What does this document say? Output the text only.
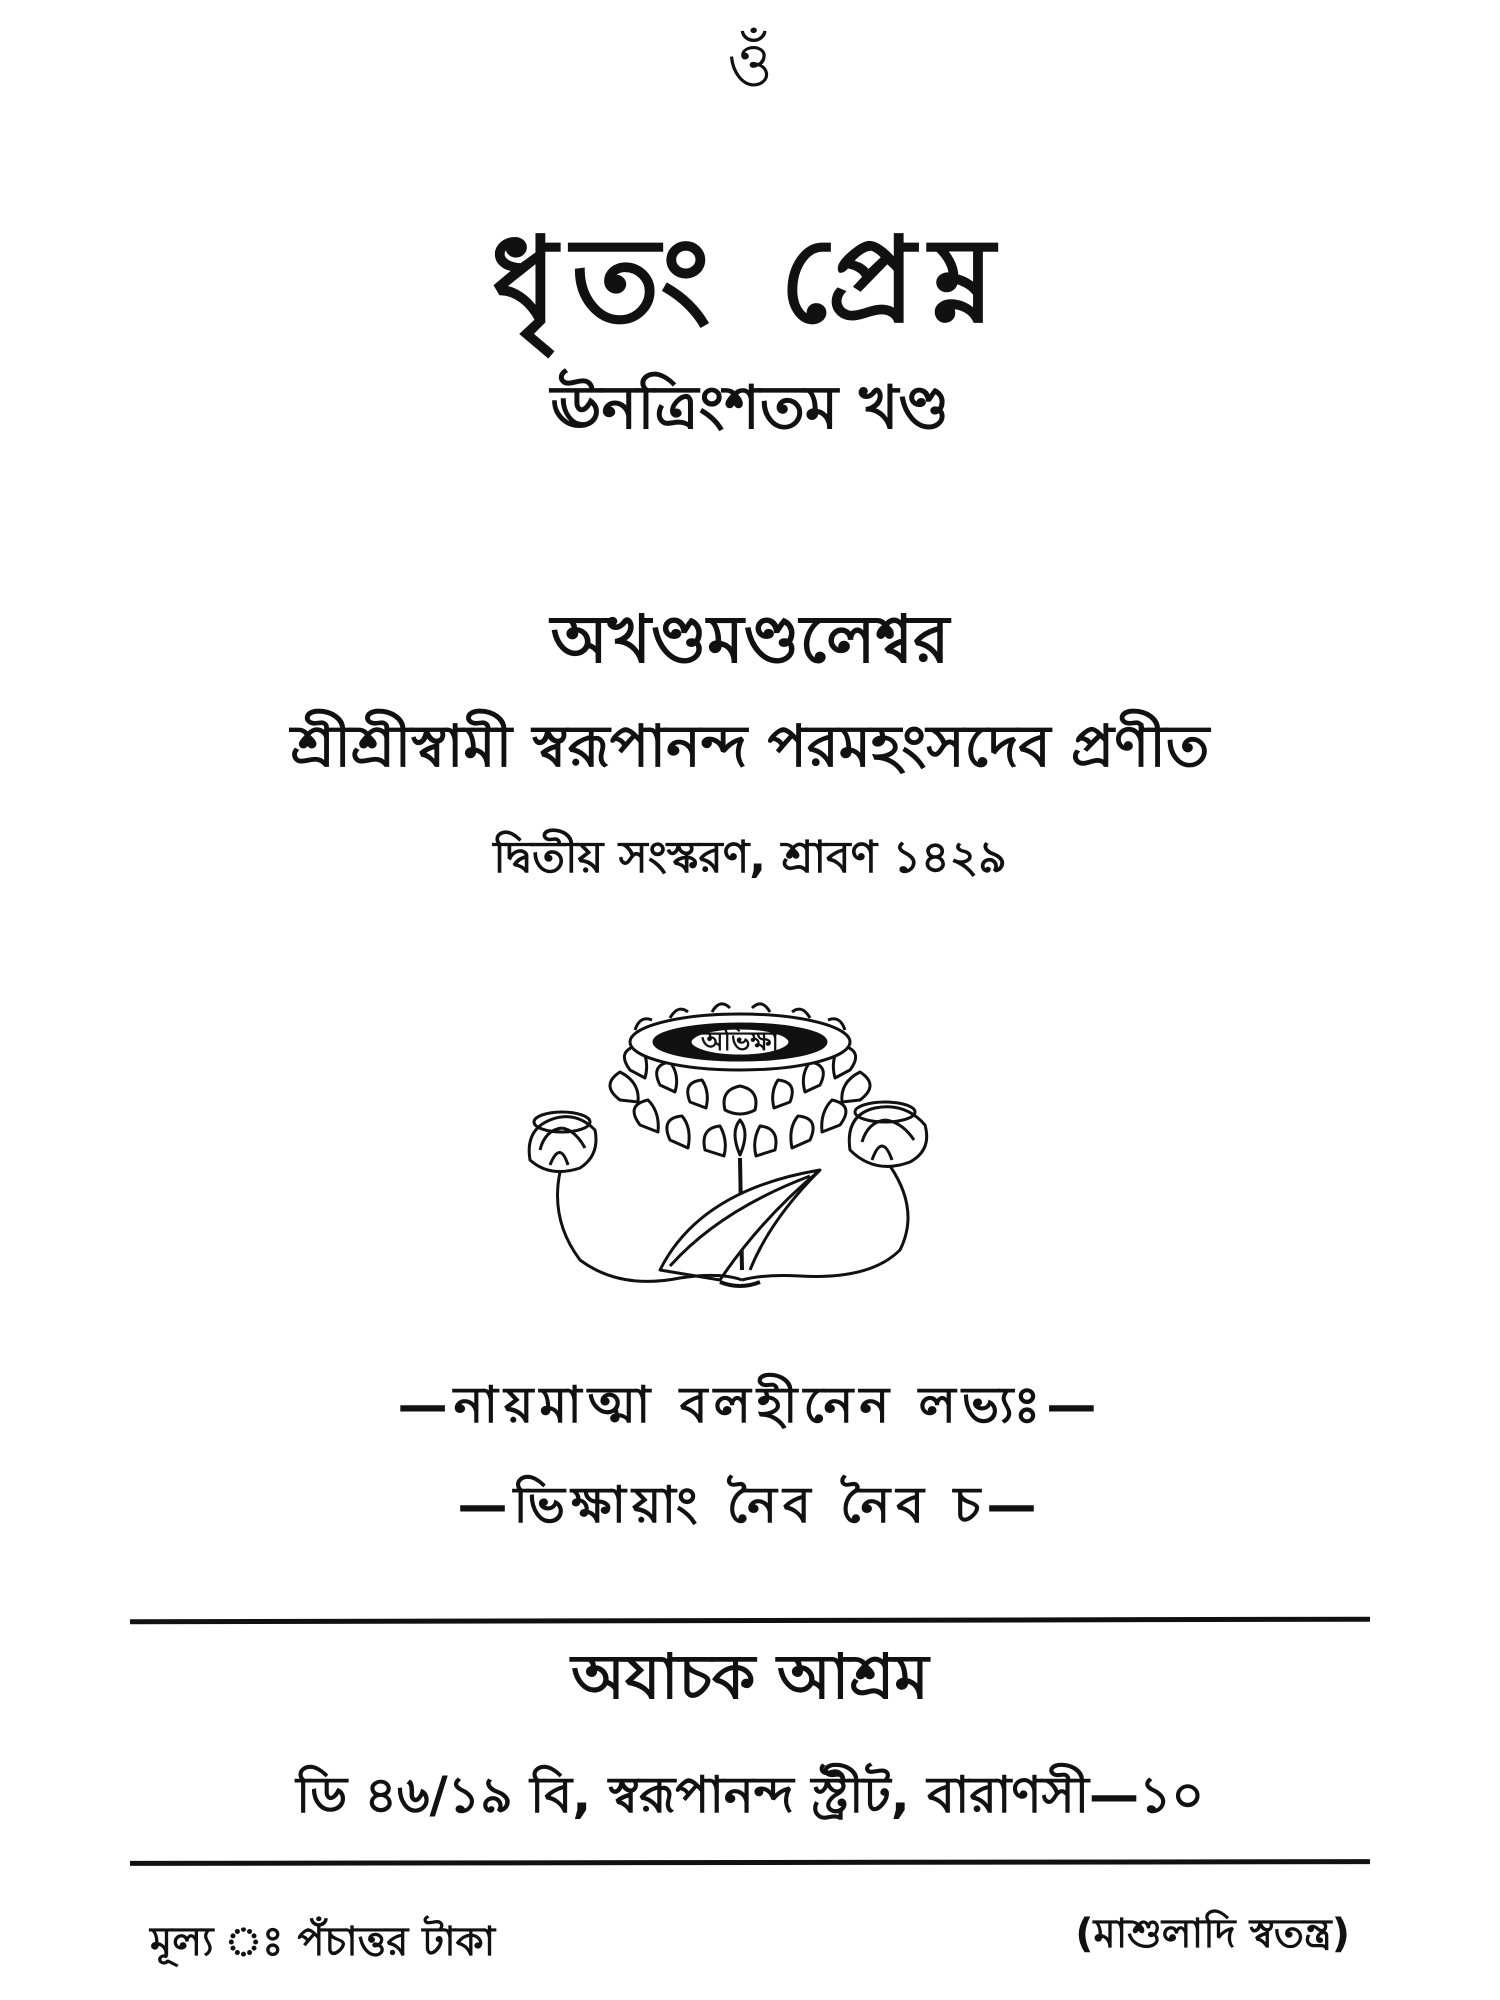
ওঁ
ধৃতং প্রেম্ন
ঊনত্রিংশতম খণ্ড
অখণ্ডমণ্ডলেশ্বর
শ্রীশ্রীস্বামী স্বরূপানন্দ পরমহংসদেব প্রণীত
দ্বিতীয় সংস্করণ, শ্রাবণ ১৪২৯
অভিক্ষা
—নায়মাত্মা বলহীনেন লভ্যঃ—
—ভিক্ষায়াং নৈব নৈব চ—
অযাচক আশ্রম
ডি ৪৬/১৯ বি, স্বরূপানন্দ স্ট্রীট, বারাণসী—১০
মূল্য ঃ পঁচাত্তর টাকা	(মাশুলাদি স্বতন্ত্র)
